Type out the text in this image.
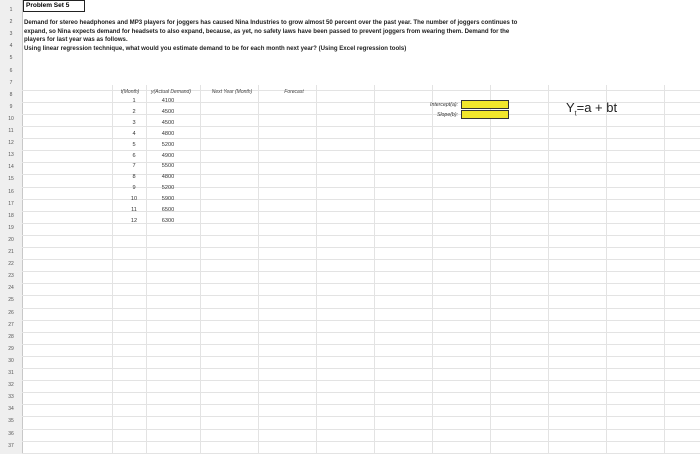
1
2
3
4
5
6
7
8
9
10
11
12
13
14
15
16
17
18
19
20
21
22
23
24
25
26
27
28
29
30
31
32
33
34
35
36
37
Problem Set 5
Demand for stereo headphones and MP3 players for joggers has caused Nina Industries to grow almost 50 percent over the past year. The number of joggers continues to
expand, so Nina expects demand for headsets to also expand, because, as yet, no safety laws have been passed to prevent joggers from wearing them. Demand for the
players for last year was as follows.
Using linear regression technique, what would you estimate demand to be for each month next year? (Using Excel regression tools)
t(Month)	y(Actual Demand)	Next Year (Month)	Forecast
1	4100
2	4500
3	4500
4	4800
5	5200
6	4900
7	5500
8	4800
9	5200
10	5900
11	6500
12	6300
Intercept(a):
Slope(b):	$Y_t=a$ + bt
